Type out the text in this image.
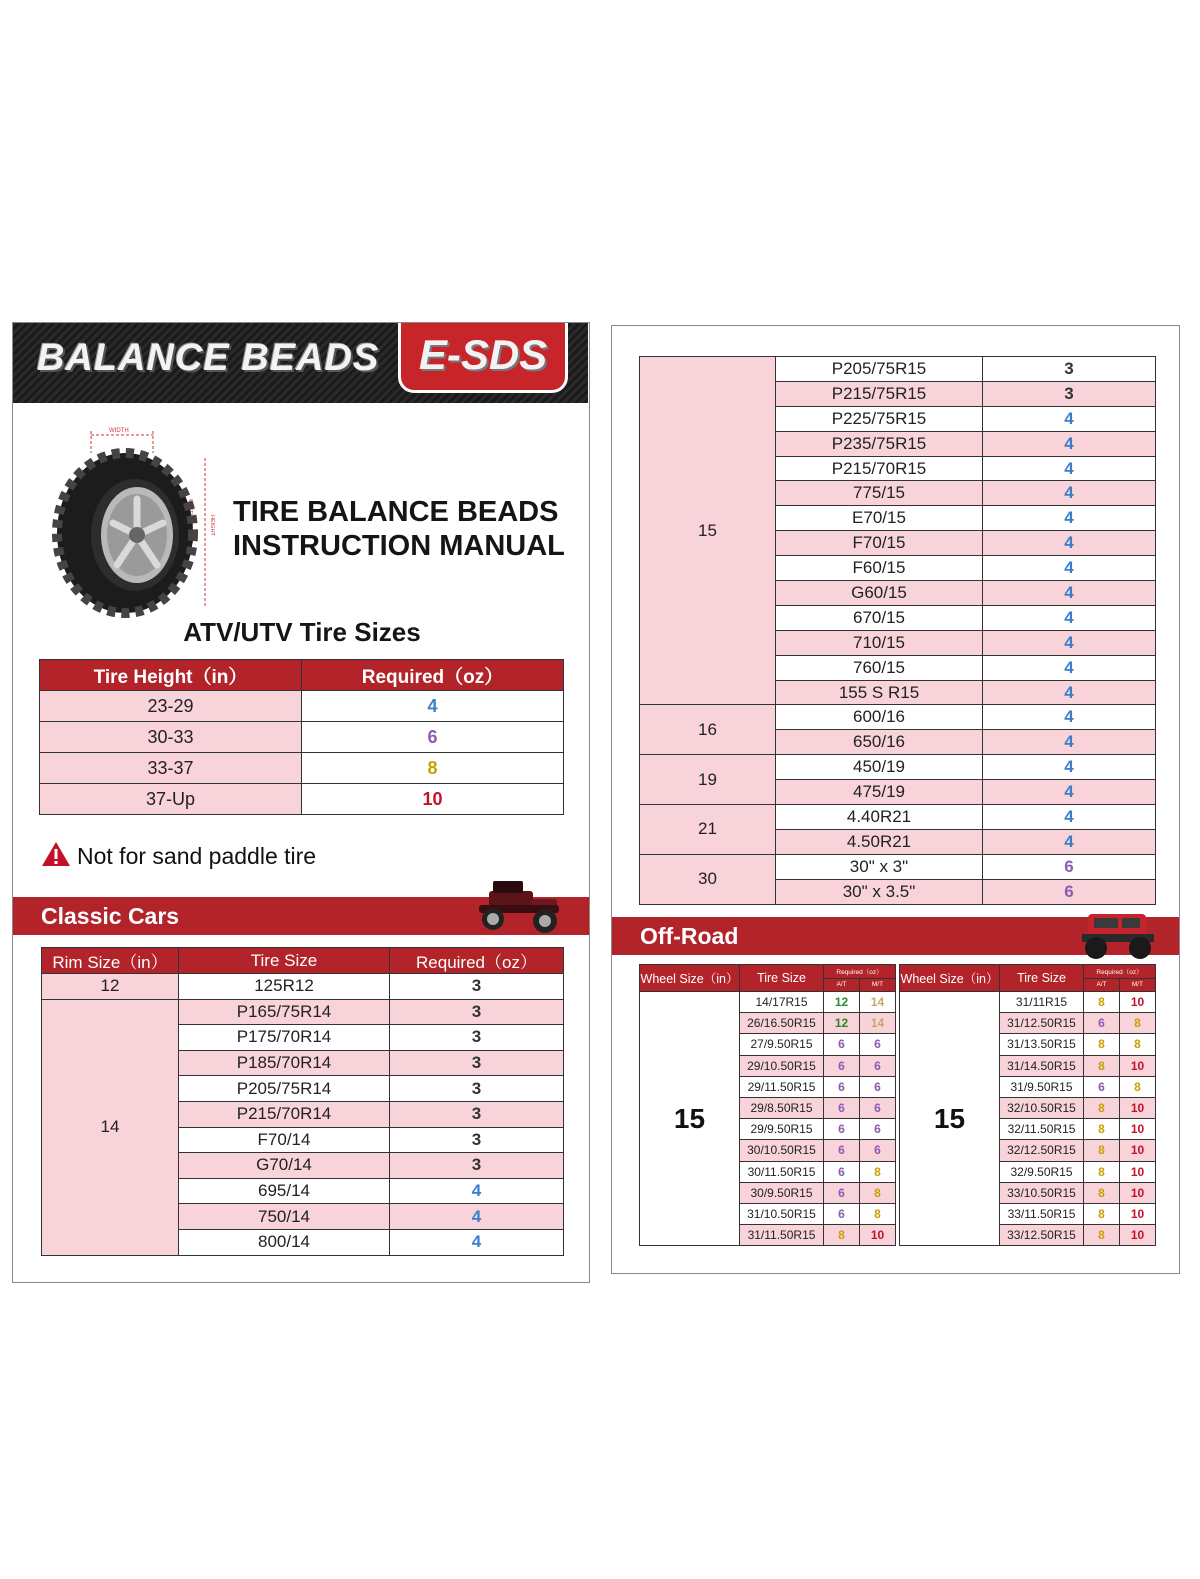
BALANCE BEADS E-SDS
WIDTH
HEIGHT TIRE BALANCE BEADS
INSTRUCTION MANUAL
ATV/UTV Tire Sizes
Tire Height（in）	Required（oz）
23-29	4
30-33	6
33-37	8
37-Up	10
Not for sand paddle tire
Classic Cars
Rim Size（in）	Tire Size	Required（oz）
12	125R12	3
14	P165/75R14	3
	P175/70R14	3
	P185/70R14	3
	P205/75R14	3
	P215/70R14	3
	F70/14	3
	G70/14	3
	695/14	4
	750/14	4
	800/14	4
15	P205/75R15	3
	P215/75R15	3
	P225/75R15	4
	P235/75R15	4
	P215/70R15	4
	775/15	4
	E70/15	4
	F70/15	4
	F60/15	4
	G60/15	4
	670/15	4
	710/15	4
	760/15	4
	155 S R15	4
16	600/16	4
	650/16	4
19	450/19	4
	475/19	4
21	4.40R21	4
	4.50R21	4
30	30" x 3"	6
	30" x 3.5"	6
Off-Road
Wheel Size（in）	Tire Size	Required（oz）	
		A/T	M/T
15	14/17R15	12	14
	26/16.50R15	12	14
	27/9.50R15	6	6
	29/10.50R15	6	6
	29/11.50R15	6	6
	29/8.50R15	6	6
	29/9.50R15	6	6
	30/10.50R15	6	6
	30/11.50R15	6	8
	30/9.50R15	6	8
	31/10.50R15	6	8
	31/11.50R15	8	10
Wheel Size（in）	Tire Size	Required（oz）	
		A/T	M/T
15	31/11R15	8	10
	31/12.50R15	6	8
	31/13.50R15	8	8
	31/14.50R15	8	10
	31/9.50R15	6	8
	32/10.50R15	8	10
	32/11.50R15	8	10
	32/12.50R15	8	10
	32/9.50R15	8	10
	33/10.50R15	8	10
	33/11.50R15	8	10
	33/12.50R15	8	10
